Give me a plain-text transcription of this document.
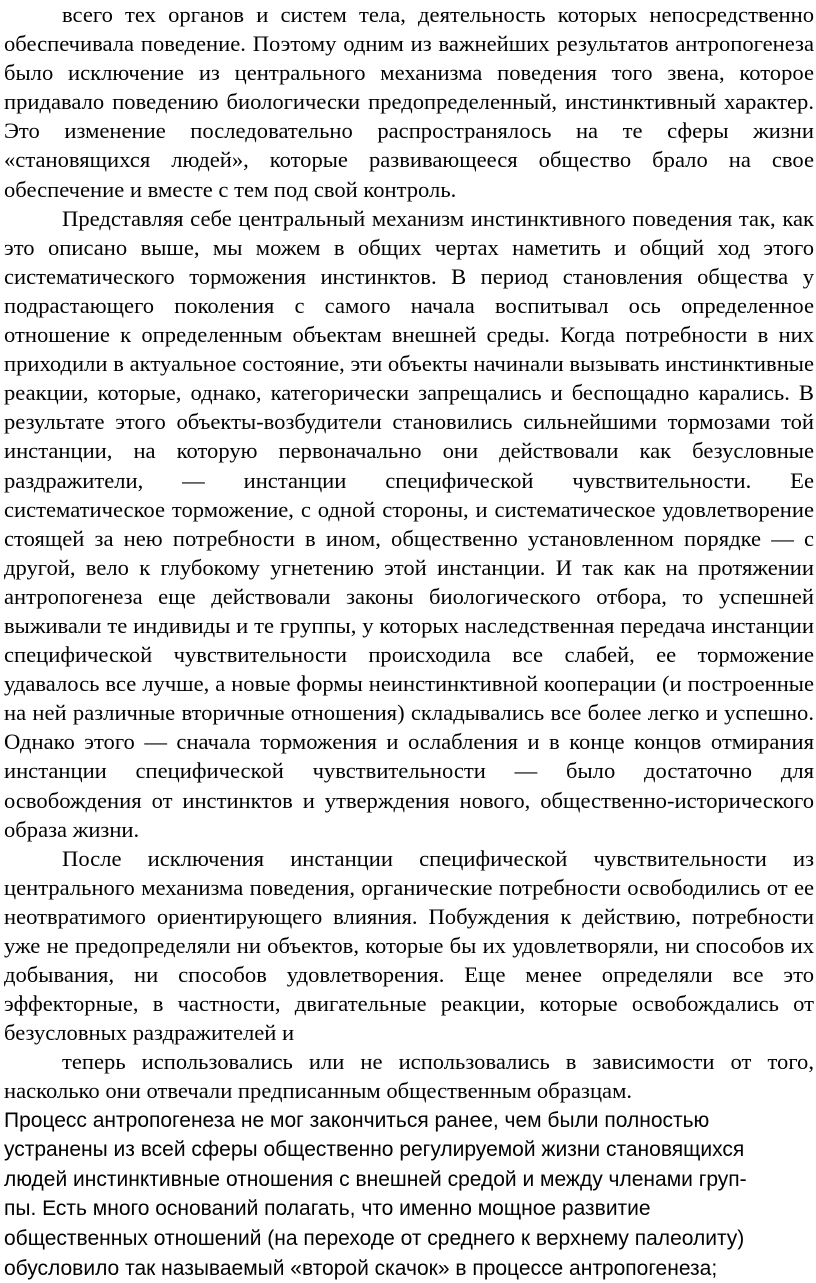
всего тех органов и систем тела, деятельность которых непосредственно обеспечивала поведение. Поэтому одним из важнейших результатов антропогенеза было исключение из центрального механизма поведения того звена, которое придавало поведению биологически предопределенный, инстинктивный характер. Это изменение последовательно распространялось на те сферы жизни «становящихся людей», которые развивающееся общество брало на свое обеспечение и вместе с тем под свой контроль.

Представляя себе центральный механизм инстинктивного поведения так, как это описано выше, мы можем в общих чертах наметить и общий ход этого систематического торможения инстинктов. В период становления общества у подрастающего поколения с самого начала воспитывал ось определенное отношение к определенным объектам внешней среды. Когда потребности в них приходили в актуальное состояние, эти объекты начинали вызывать инстинктивные реакции, которые, однако, категорически запрещались и беспощадно карались. В результате этого объекты-возбудители становились сильнейшими тормозами той инстанции, на которую первоначально они действовали как безусловные раздражители, — инстанции специфической чувствительности. Ее систематическое торможение, с одной стороны, и систематическое удовлетворение стоящей за нею потребности в ином, общественно установленном порядке — с другой, вело к глубокому угнетению этой инстанции. И так как на протяжении антропогенеза еще действовали законы биологического отбора, то успешней выживали те индивиды и те группы, у которых наследственная передача инстанции специфической чувствительности происходила все слабей, ее торможение удавалось все лучше, а новые формы неинстинктивной кооперации (и построенные на ней различные вторичные отношения) складывались все более легко и успешно. Однако этого — сначала торможения и ослабления и в конце концов отмирания инстанции специфической чувствительности — было достаточно для освобождения от инстинктов и утверждения нового, общественно-исторического образа жизни.

После исключения инстанции специфической чувствительности из центрального механизма поведения, органические потребности освободились от ее неотвратимого ориентирующего влияния. Побуждения к действию, потребности уже не предопределяли ни объектов, которые бы их удовлетворяли, ни способов их добывания, ни способов удовлетворения. Еще менее определяли все это эффекторные, в частности, двигательные реакции, которые освобождались от безусловных раздражителей и

теперь использовались или не использовались в зависимости от того, насколько они отвечали предписанным общественным образцам.

Процесс антропогенеза не мог закончиться ранее, чем были полностью
устранены из всей сферы общественно регулируемой жизни становящихся
людей инстинктивные отношения с внешней средой и между членами груп-
пы. Есть много оснований полагать, что именно мощное развитие
общественных отношений (на переходе от среднего к верхнему палеолиту)
обусловило так называемый «второй скачок» в процессе антропогенеза;
